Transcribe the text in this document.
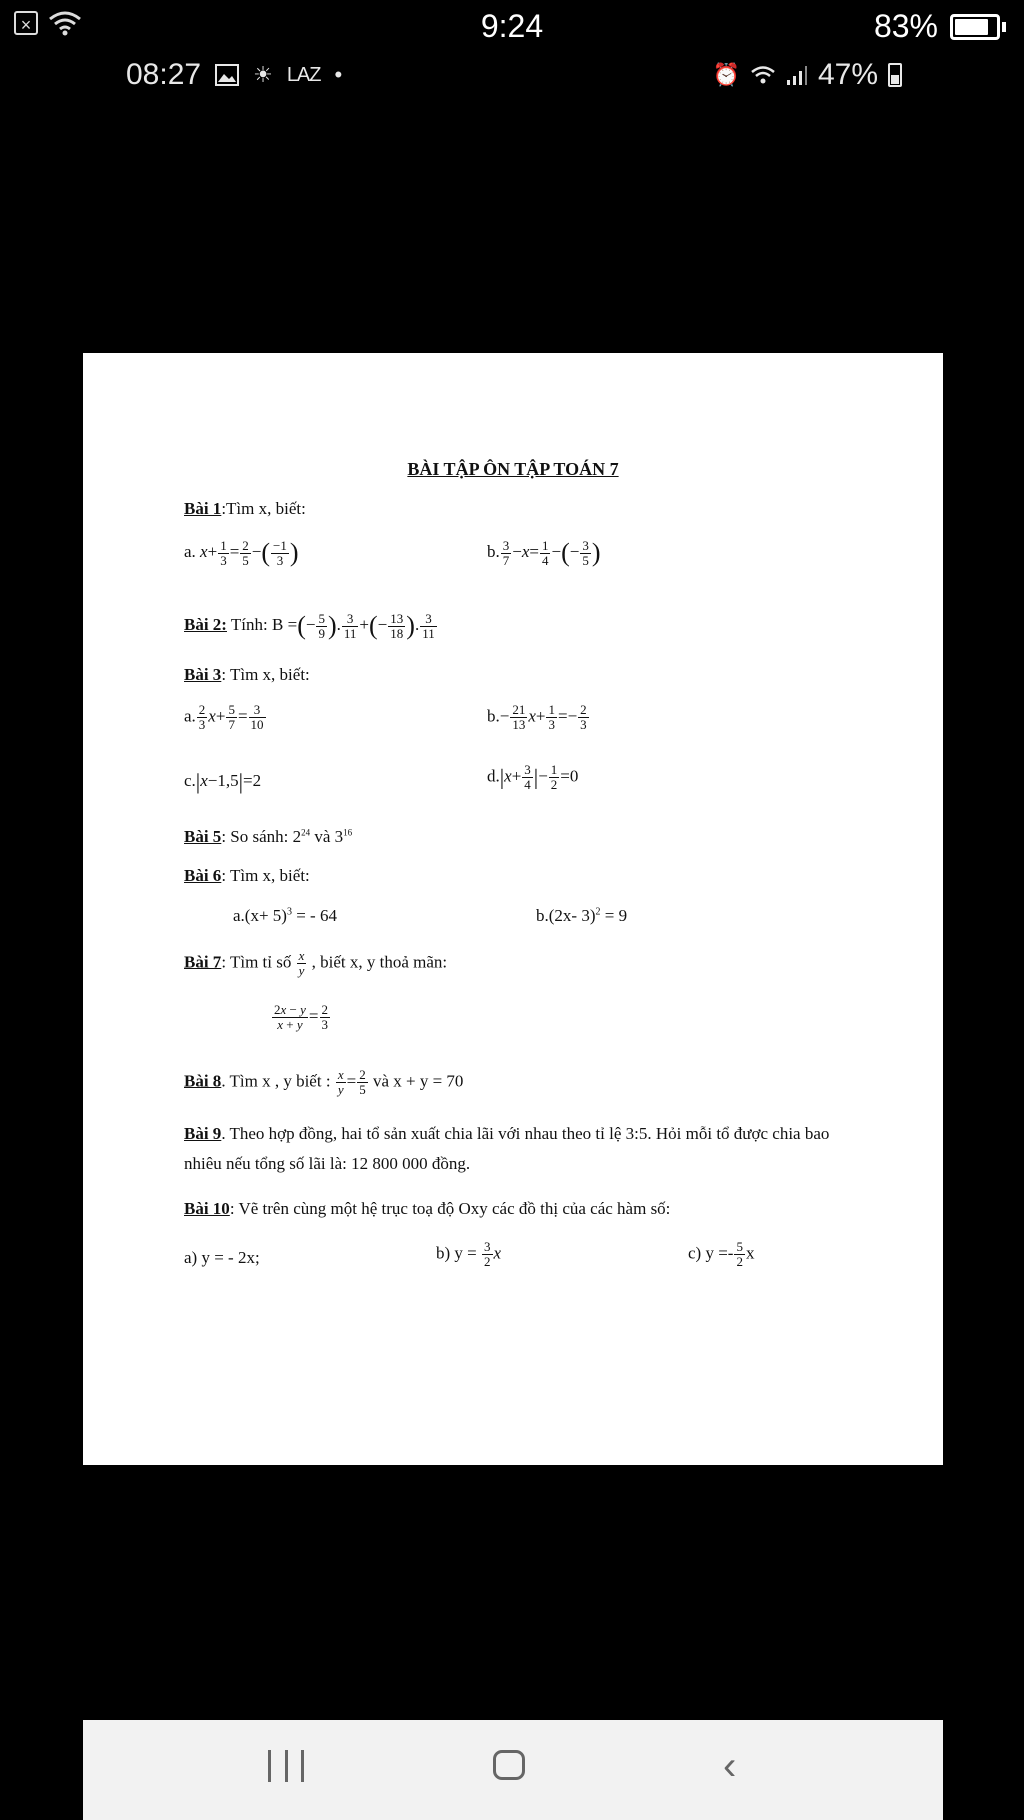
×	9:24	83%
08:27 ☀ LAZ •	⏰	47%
BÀI TẬP ÔN TẬP TOÁN 7
Bài 1:Tìm x, biết:
a. $x+ \frac{1}{3} = \frac{2}{5}$ −( $\frac{-1}{3}$ )	b. $\frac{3}{7} -x= \frac{1}{4}$ −(− $\frac{3}{5}$ )
Bài 2: Tính: B =(− $\frac{5}{9}$ ). $\frac{3}{11}$ +(− $\frac{13}{18}$ ). $\frac{3}{11}$
Bài 3: Tìm x, biết:
a. $\frac{2}{3} x+ \frac{5}{7} = \frac{3}{10}$	$b.- \frac{21}{13} x+ \frac{1}{3} =- \frac{2}{3}$
c.|x−1,5|=2	$d.|x+ \frac{3}{4}$ |− $\frac{1}{2} =0$
Bài 5: So sánh: $2^{24}$ và $3^{16}$
Bài 6: Tìm x, biết:
$a.(x+ 5)^3$ = - 64	b.(2x- 3)$^2$ = 9
Bài 7: Tìm tỉ số $\frac{x}{y}$ , biết x, y thoả mãn:
$\frac{2x - y}{x + y} = \frac{2}{3}$
Bài 8. Tìm x , y biết : $\frac{x}{y} = \frac{2}{5}$ và x + y = 70
Bài 9. Theo hợp đồng, hai tổ sản xuất chia lãi với nhau theo tỉ lệ 3:5. Hỏi mỗi tổ được chia bao nhiêu nếu tổng số lãi là: 12 800 000 đồng.
Bài 10: Vẽ trên cùng một hệ trục toạ độ Oxy các đồ thị của các hàm số:
a) y = - 2x;	b) $y = \frac{3}{2}$ x	c) $y =- \frac{5}{2}$ x
‹
